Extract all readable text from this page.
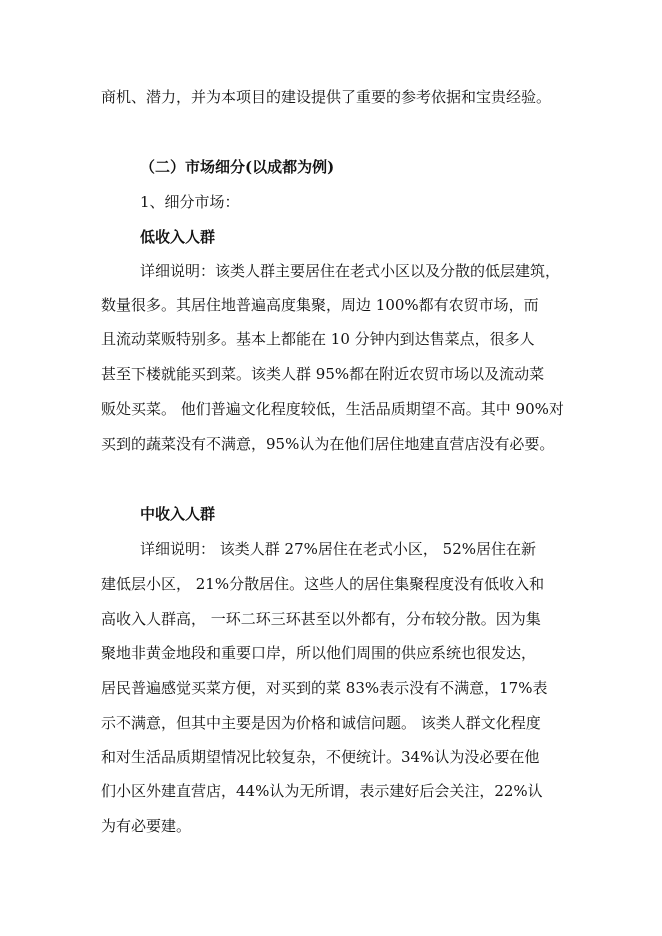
商机、潜力，并为本项目的建设提供了重要的参考依据和宝贵经验。
（二）市场细分(以成都为例)
1、细分市场：
低收入人群
详细说明：该类人群主要居住在老式小区以及分散的低层建筑，
数量很多。其居住地普遍高度集聚，周边 100%都有农贸市场，而
且流动菜贩特别多。基本上都能在 10 分钟内到达售菜点，很多人
甚至下楼就能买到菜。该类人群 95%都在附近农贸市场以及流动菜
贩处买菜。 他们普遍文化程度较低，生活品质期望不高。其中 90%对
买到的蔬菜没有不满意，95%认为在他们居住地建直营店没有必要。
中收入人群
详细说明： 该类人群 27%居住在老式小区， 52%居住在新
建低层小区， 21%分散居住。这些人的居住集聚程度没有低收入和
高收入人群高， 一环二环三环甚至以外都有，分布较分散。因为集
聚地非黄金地段和重要口岸，所以他们周围的供应系统也很发达，
居民普遍感觉买菜方便，对买到的菜 83%表示没有不满意，17%表
示不满意，但其中主要是因为价格和诚信问题。 该类人群文化程度
和对生活品质期望情况比较复杂，不便统计。34%认为没必要在他
们小区外建直营店，44%认为无所谓，表示建好后会关注，22%认
为有必要建。
